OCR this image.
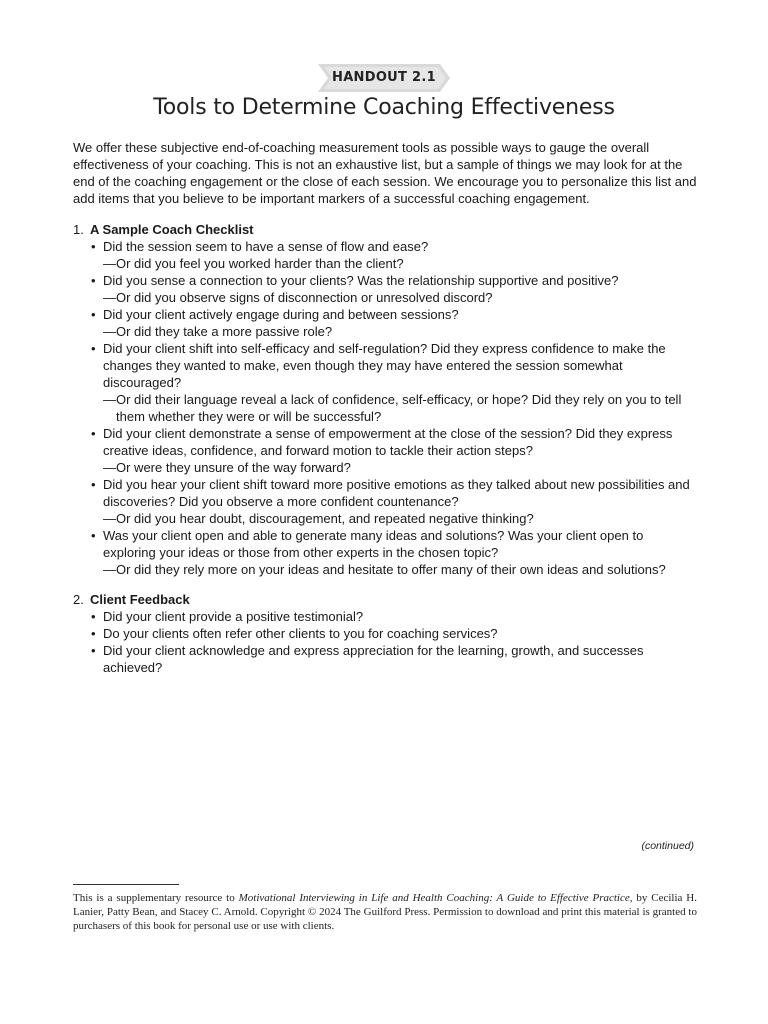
HANDOUT 2.1
Tools to Determine Coaching Effectiveness

We offer these subjective end-of-coaching measurement tools as possible ways to gauge the overall effectiveness of your coaching. This is not an exhaustive list, but a sample of things we may look for at the end of the coaching engagement or the close of each session. We encourage you to personalize this list and add items that you believe to be important markers of a successful coaching engagement.

1. A Sample Coach Checklist
• Did the session seem to have a sense of flow and ease?
—Or did you feel you worked harder than the client?
• Did you sense a connection to your clients? Was the relationship supportive and positive?
—Or did you observe signs of disconnection or unresolved discord?
• Did your client actively engage during and between sessions?
—Or did they take a more passive role?
• Did your client shift into self-efficacy and self-regulation? Did they express confidence to make the changes they wanted to make, even though they may have entered the session somewhat discouraged?
—Or did their language reveal a lack of confidence, self-efficacy, or hope? Did they rely on you to tell them whether they were or will be successful?
• Did your client demonstrate a sense of empowerment at the close of the session? Did they express creative ideas, confidence, and forward motion to tackle their action steps?
—Or were they unsure of the way forward?
• Did you hear your client shift toward more positive emotions as they talked about new possibilities and discoveries? Did you observe a more confident countenance?
—Or did you hear doubt, discouragement, and repeated negative thinking?
• Was your client open and able to generate many ideas and solutions? Was your client open to exploring your ideas or those from other experts in the chosen topic?
—Or did they rely more on your ideas and hesitate to offer many of their own ideas and solutions?
2. Client Feedback
• Did your client provide a positive testimonial?
• Do your clients often refer other clients to you for coaching services?
• Did your client acknowledge and express appreciation for the learning, growth, and successes achieved?
(continued)
This is a supplementary resource to Motivational Interviewing in Life and Health Coaching: A Guide to Effective Practice, by Cecilia H. Lanier, Patty Bean, and Stacey C. Arnold. Copyright © 2024 The Guilford Press. Permission to download and print this material is granted to purchasers of this book for personal use or use with clients.
